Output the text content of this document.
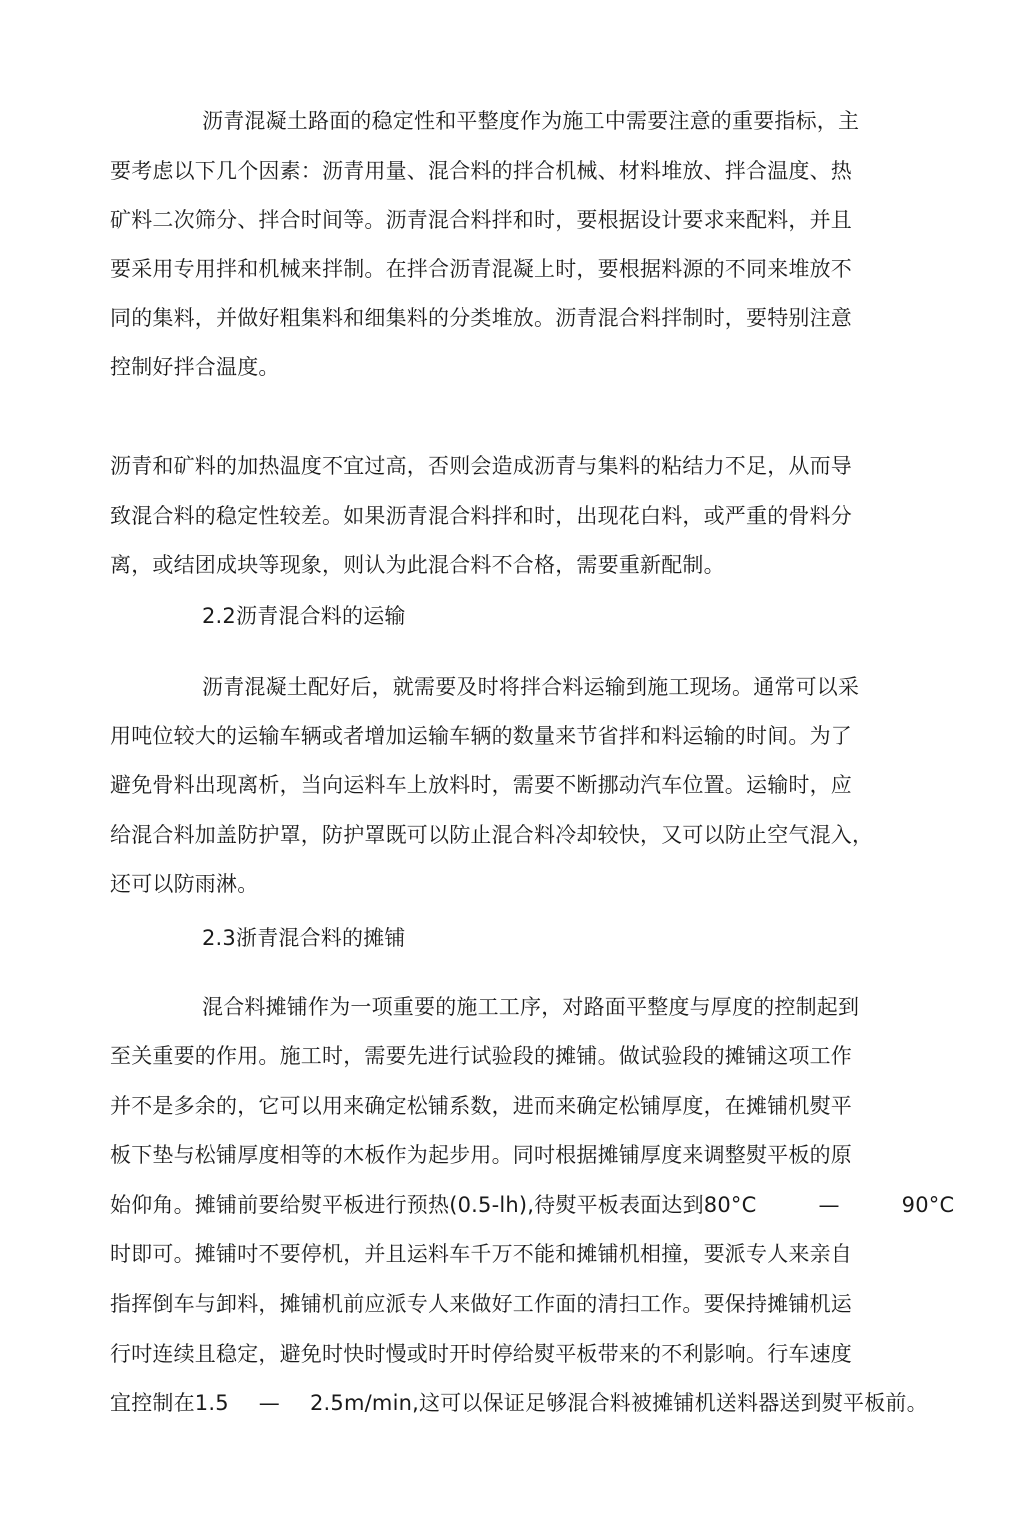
沥青混凝土路面的稳定性和平整度作为施工中需要注意的重要指标，主
要考虑以下几个因素：沥青用量、混合料的拌合机械、材料堆放、拌合温度、热
矿料二次筛分、拌合时间等。沥青混合料拌和时，要根据设计要求来配料，并且
要采用专用拌和机械来拌制。在拌合沥青混凝上时，要根据料源的不同来堆放不
同的集料，并做好粗集料和细集料的分类堆放。沥青混合料拌制时，要特别注意
控制好拌合温度。
沥青和矿料的加热温度不宜过高，否则会造成沥青与集料的粘结力不足，从而导
致混合料的稳定性较差。如果沥青混合料拌和时，出现花白料，或严重的骨料分
离，或结团成块等现象，则认为此混合料不合格，需要重新配制。
2.2沥青混合料的运输
沥青混凝土配好后，就需要及时将拌合料运输到施工现场。通常可以采
用吨位较大的运输车辆或者增加运输车辆的数量来节省拌和料运输的时间。为了
避免骨料出现离析，当向运料车上放料时，需要不断挪动汽车位置。运输时，应
给混合料加盖防护罩，防护罩既可以防止混合料冷却较快，又可以防止空气混入，
还可以防雨淋。
2.3浙青混合料的摊铺
混合料摊铺作为一项重要的施工工序，对路面平整度与厚度的控制起到
至关重要的作用。施工时，需要先进行试验段的摊铺。做试验段的摊铺这项工作
并不是多余的，它可以用来确定松铺系数，进而来确定松铺厚度，在摊铺机熨平
板下垫与松铺厚度相等的木板作为起步用。同吋根据摊铺厚度来调整熨平板的原
始仰角。摊铺前要给熨平板进行预热(0.5-lh),待熨平板表面达到80°C	—	90°C
时即可。摊铺吋不要停机，并且运料车千万不能和摊铺机相撞，要派专人来亲自
指挥倒车与卸料，摊铺机前应派专人来做好工作面的清扫工作。要保持摊铺机运
行吋连续且稳定，避免时快时慢或时开时停给熨平板带来的不利影响。行车速度
宜控制在1.5 — 2.5m/min,这可以保证足够混合料被摊铺机送料器送到熨平板前。
